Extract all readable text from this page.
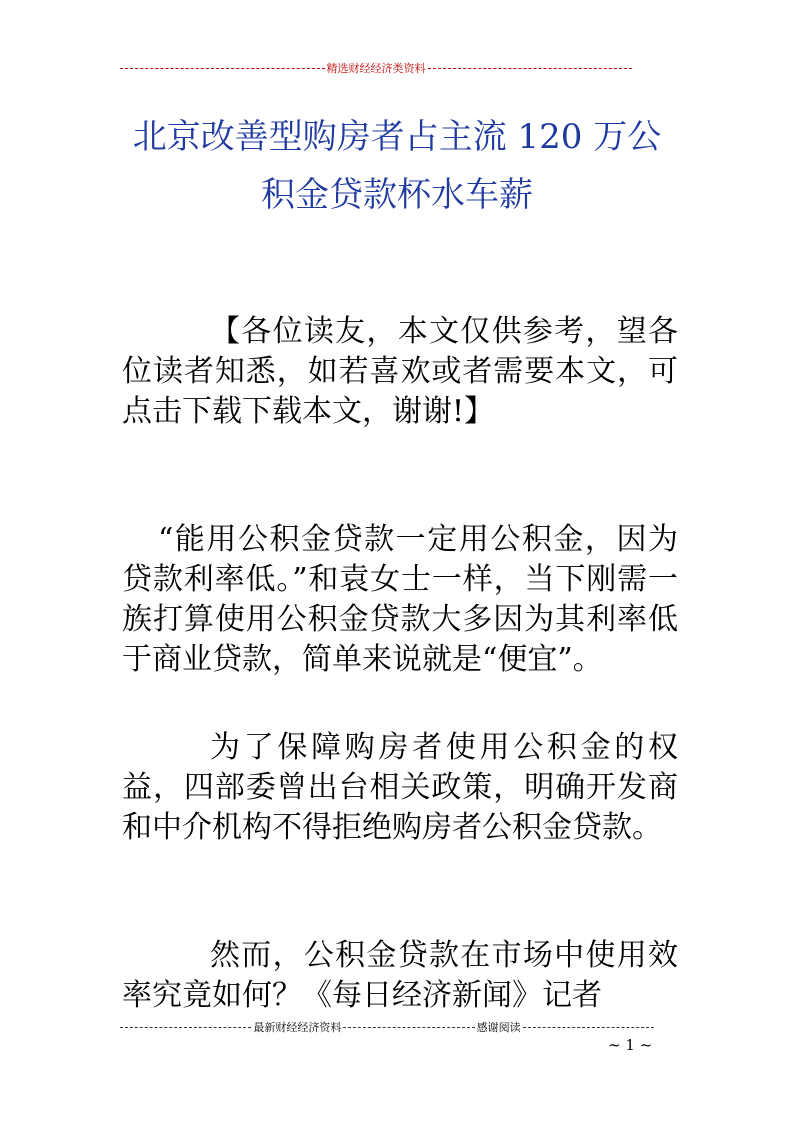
精选财经经济类资料
北京改善型购房者占主流 120 万公
积金贷款杯水车薪

【各位读友，本文仅供参考，望各位读者知悉，如若喜欢或者需要本文，可点击下载下载本文，谢谢!】

“能用公积金贷款一定用公积金，因为贷款利率低。”和袁女士一样，当下刚需一族打算使用公积金贷款大多因为其利率低于商业贷款，简单来说就是“便宜”。

为了保障购房者使用公积金的权益，四部委曾出台相关政策，明确开发商和中介机构不得拒绝购房者公积金贷款。

然而，公积金贷款在市场中使用效率究竟如何？《每日经济新闻》记者

最新财经经济资料	感谢阅读
~ 1 ~
